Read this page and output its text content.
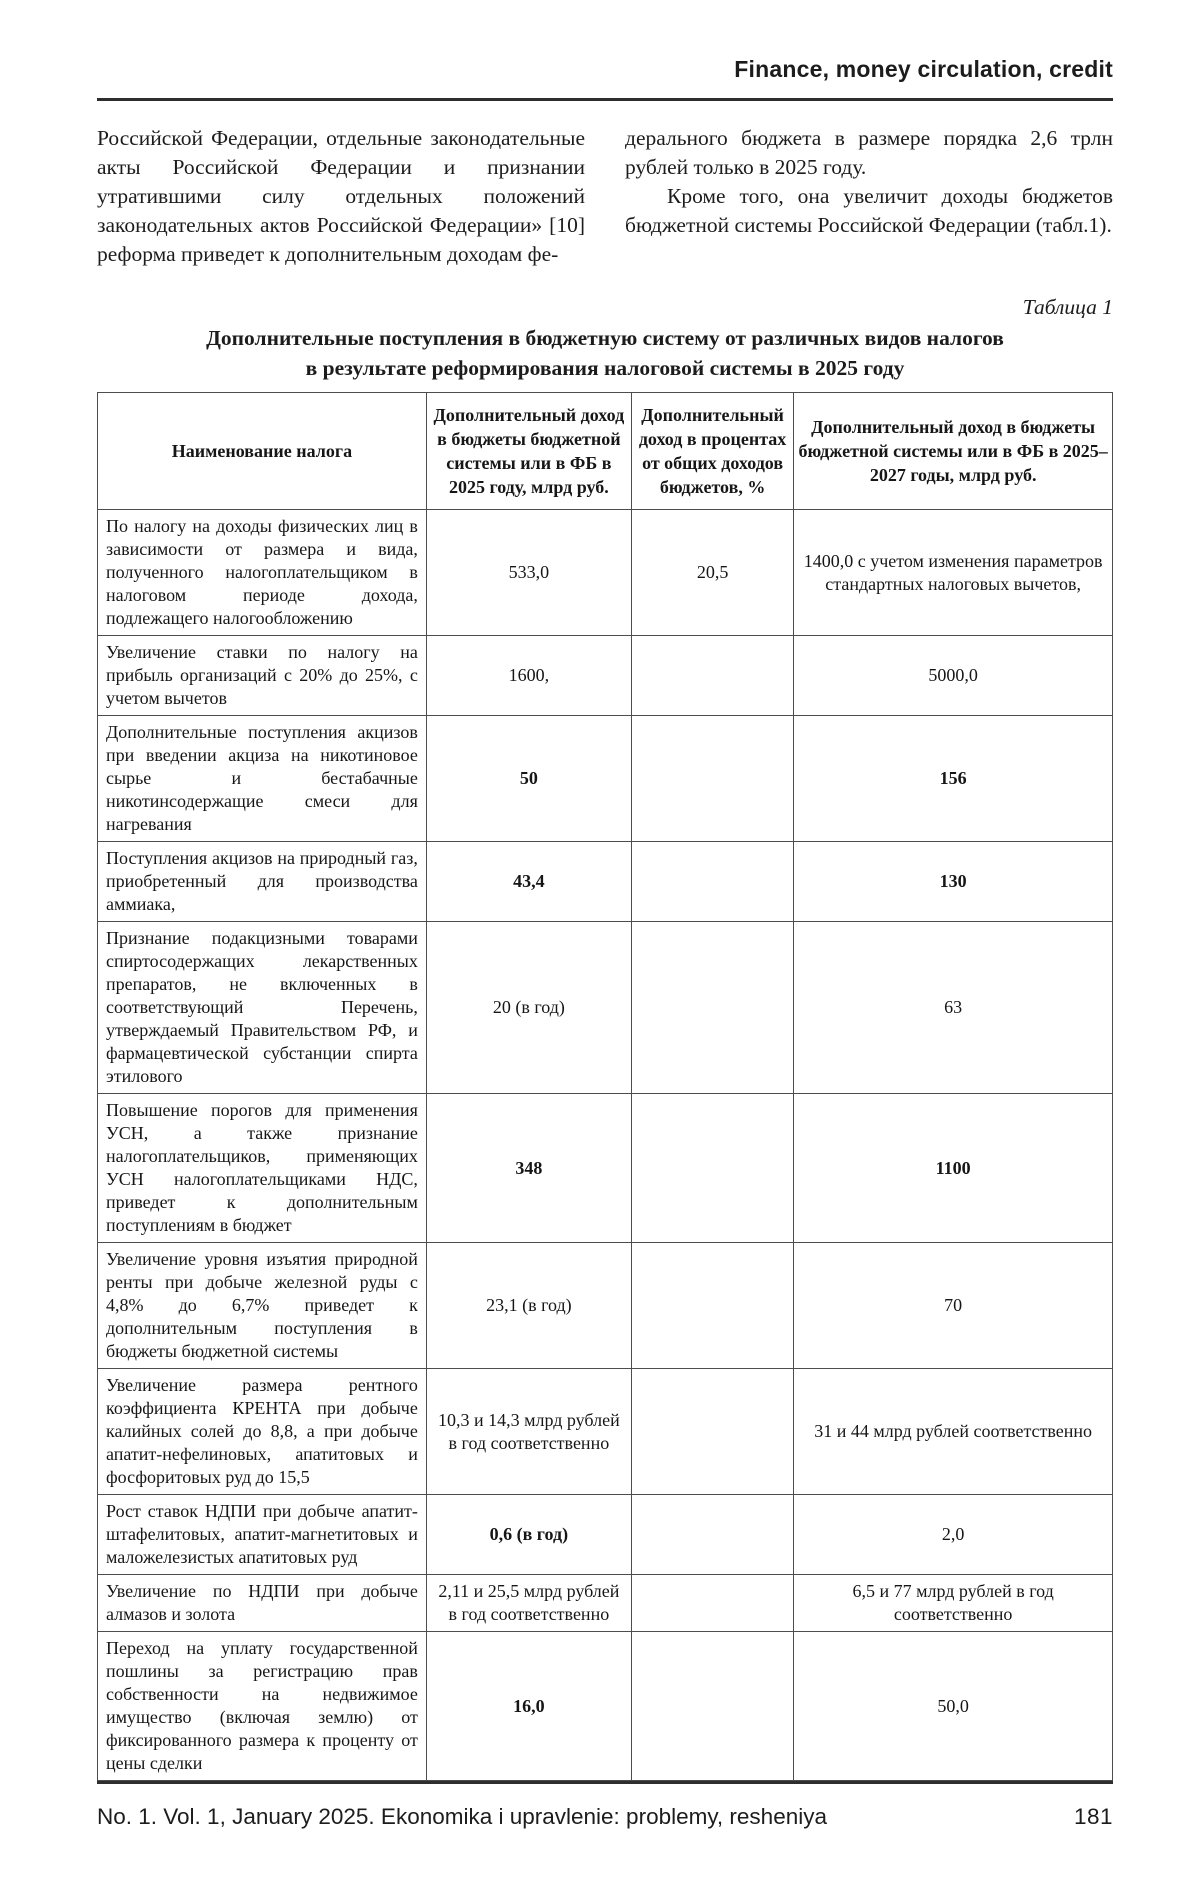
Finance, money circulation, credit

Российской Федерации, отдельные законодательные акты Российской Федерации и признании утратившими силу отдельных положений законодательных актов Российской Федерации» [10] реформа приведет к дополнительным доходам фе-

дерального бюджета в размере порядка 2,6 трлн рублей только в 2025 году.

Кроме того, она увеличит доходы бюджетов бюджетной системы Российской Федерации (табл.1).

Таблица 1
Дополнительные поступления в бюджетную систему от различных видов налогов
в результате реформирования налоговой системы в 2025 году
Наименование налога	Дополнительный доход в бюджеты бюджетной системы или в ФБ в 2025 году, млрд руб.	Дополнительный доход в процентах от общих доходов бюджетов, %	Дополнительный доход в бюджеты бюджетной системы или в ФБ в 2025–2027 годы, млрд руб.
По налогу на доходы физических лиц в зависимости от размера и вида, полученного налогоплательщиком в налоговом периоде дохода, подлежащего налогообложению	533,0	20,5	1400,0 с учетом изменения параметров стандартных налоговых вычетов,
Увеличение ставки по налогу на прибыль организаций с 20% до 25%, с учетом вычетов	1600,		5000,0
Дополнительные поступления акцизов при введении акциза на никотиновое сырье и бестабачные никотинсодержащие смеси для нагревания	50		156
Поступления акцизов на природный газ, приобретенный для производства аммиака,	43,4		130
Признание подакцизными товарами спиртосодержащих лекарственных препаратов, не включенных в соответствующий Перечень, утверждаемый Правительством РФ, и фармацевтической субстанции спирта этилового	20 (в год)		63
Повышение порогов для применения УСН, а также признание налогоплательщиков, применяющих УСН налогоплательщиками НДС, приведет к дополнительным поступлениям в бюджет	348		1100
Увеличение уровня изъятия природной ренты при добыче железной руды с 4,8% до 6,7% приведет к дополнительным поступления в бюджеты бюджетной системы	23,1 (в год)		70
Увеличение размера рентного коэффициента КРЕНТА при добыче калийных солей до 8,8, а при добыче апатит-нефелиновых, апатитовых и фосфоритовых руд до 15,5	10,3 и 14,3 млрд рублей в год соответственно		31 и 44 млрд рублей соответственно
Рост ставок НДПИ при добыче апатит-штафелитовых, апатит-магнетитовых и маложелезистых апатитовых руд	0,6 (в год)		2,0
Увеличение по НДПИ при добыче алмазов и золота	2,11 и 25,5 млрд рублей в год соответственно		6,5 и 77 млрд рублей в год соответственно
Переход на уплату государственной пошлины за регистрацию прав собственности на недвижимое имущество (включая землю) от фиксированного размера к проценту от цены сделки	16,0		50,0
No. 1. Vol. 1, January 2025. Ekonomika i upravlenie: problemy, resheniya	181
